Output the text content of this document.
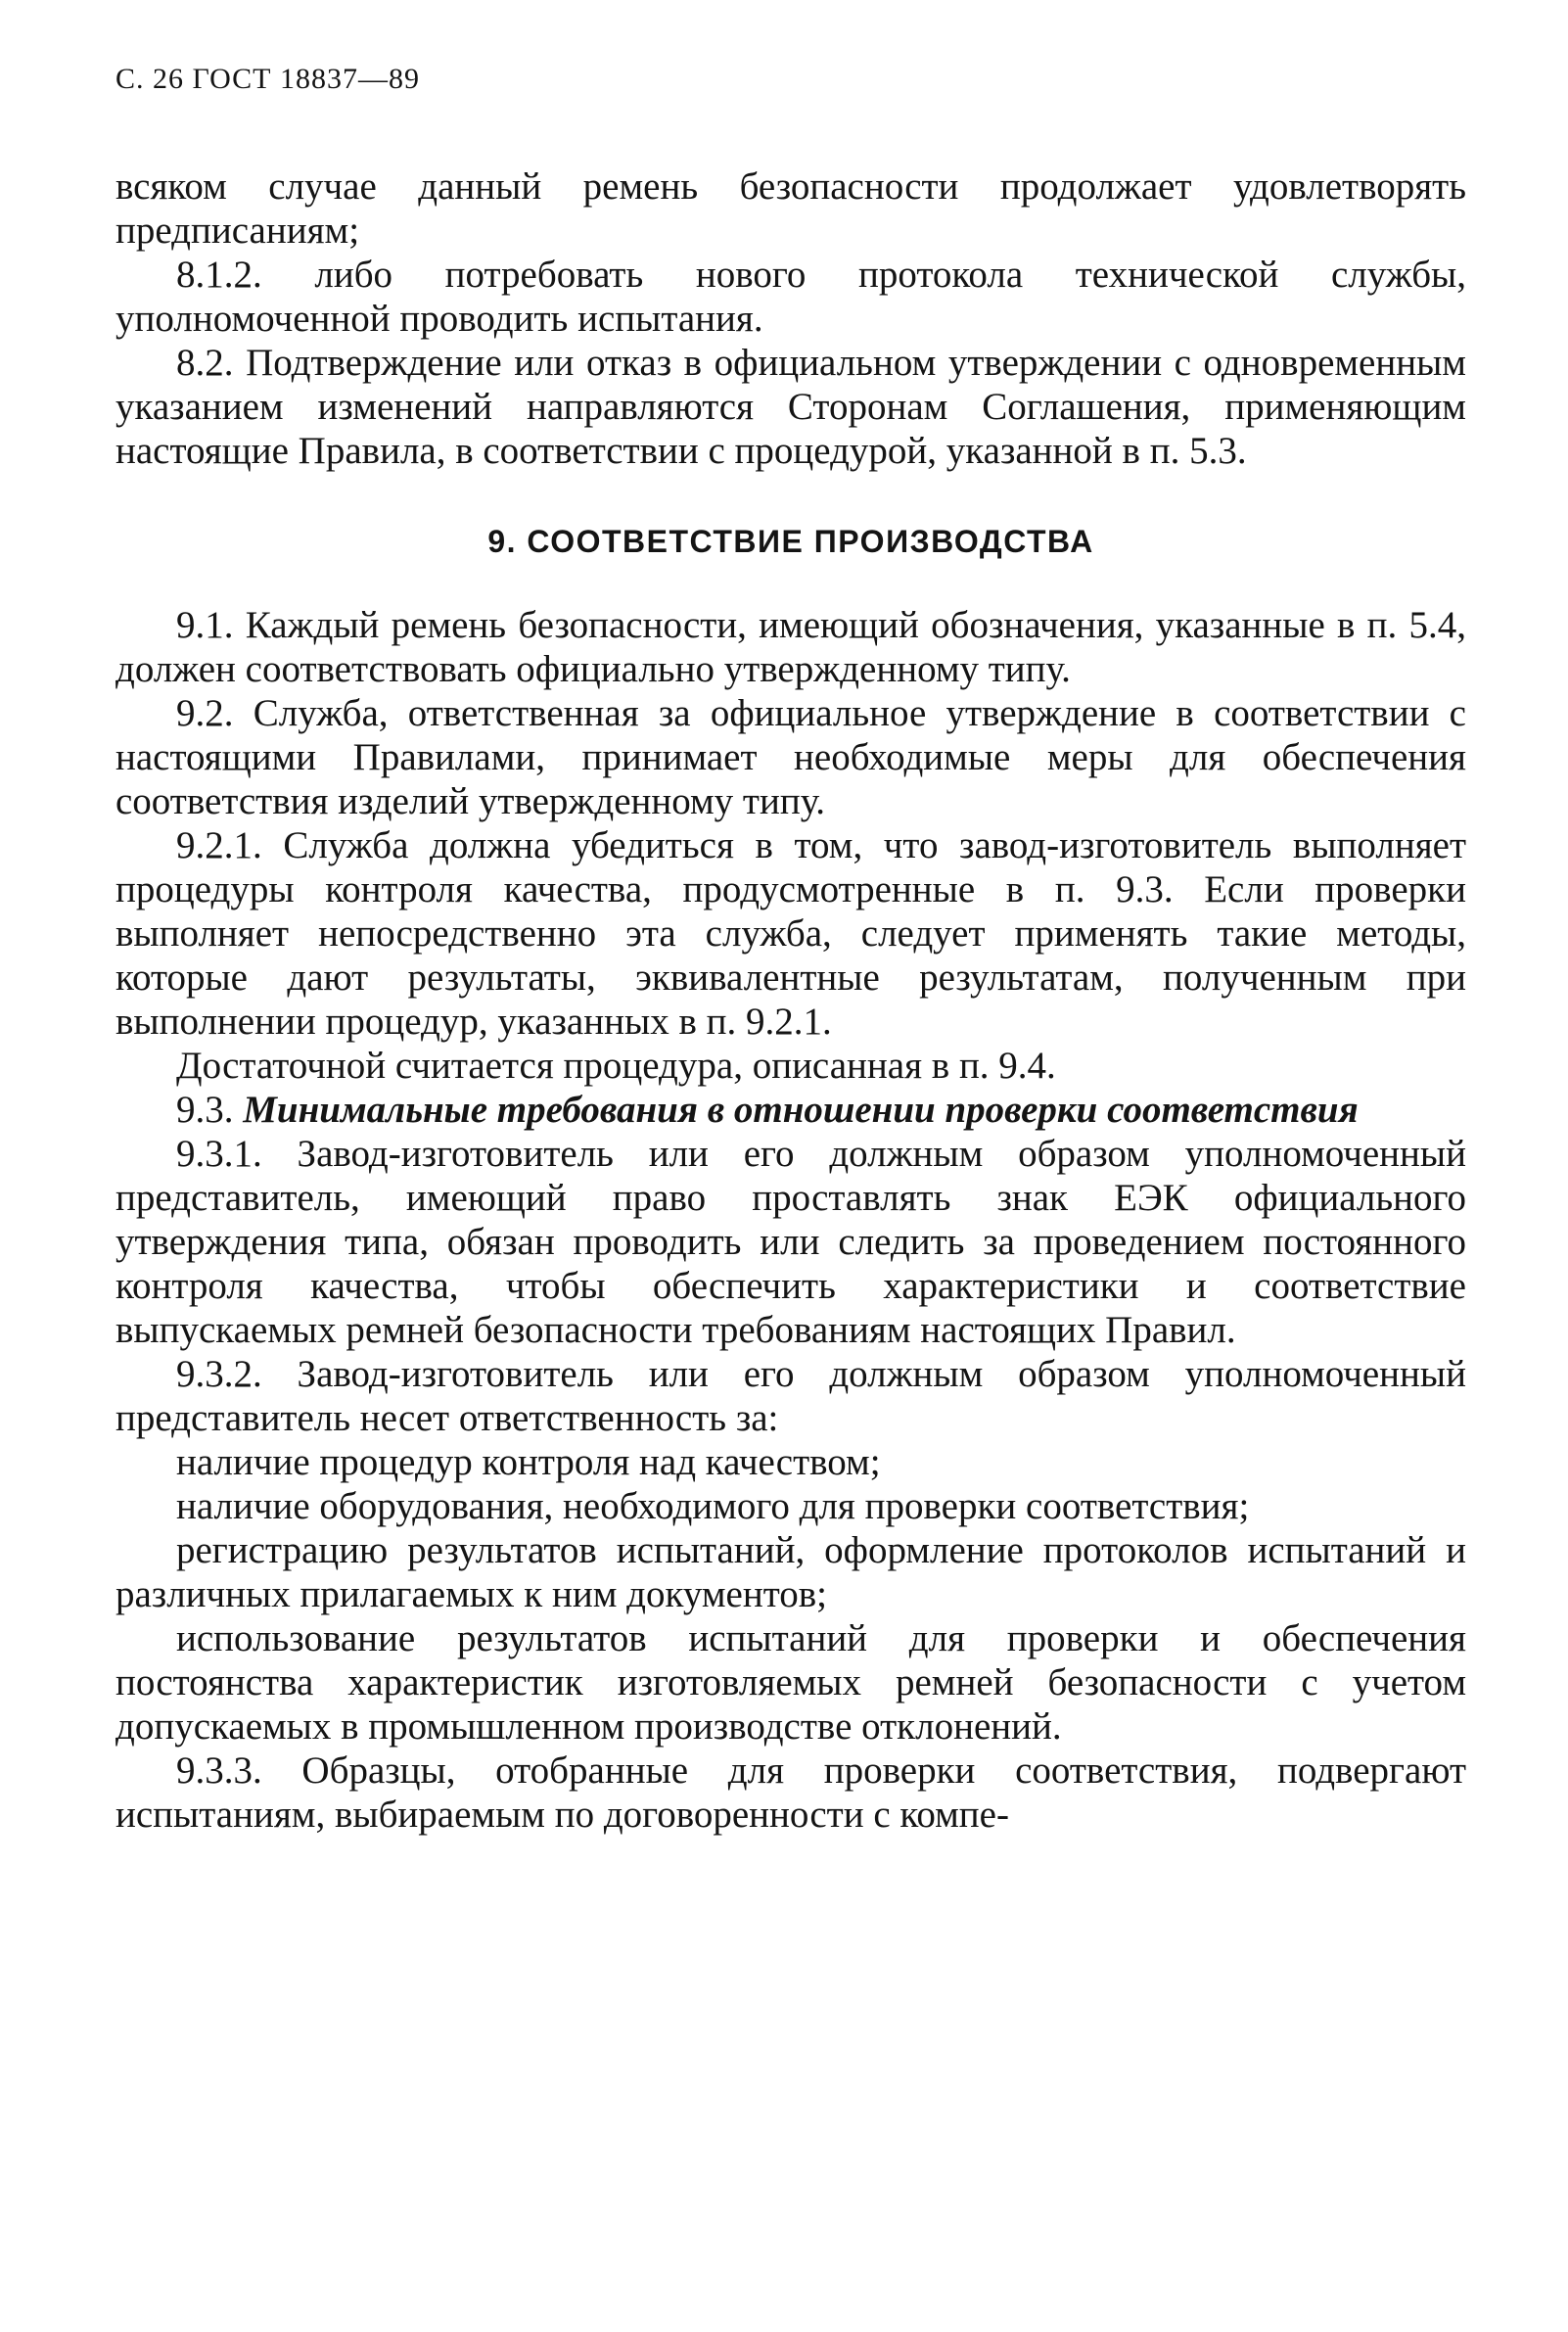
С. 26 ГОСТ 18837—89

всяком случае данный ремень безопасности продолжает удовлетворять предписаниям;

8.1.2. либо потребовать нового протокола технической службы, уполномоченной проводить испытания.

8.2. Подтверждение или отказ в официальном утверждении с одновременным указанием изменений направляются Сторонам Соглашения, применяющим настоящие Правила, в соответствии с процедурой, указанной в п. 5.3.

9. СООТВЕТСТВИЕ ПРОИЗВОДСТВА

9.1. Каждый ремень безопасности, имеющий обозначения, указанные в п. 5.4, должен соответствовать официально утвержденному типу.

9.2. Служба, ответственная за официальное утверждение в соответствии с настоящими Правилами, принимает необходимые меры для обеспечения соответствия изделий утвержденному типу.

9.2.1. Служба должна убедиться в том, что завод-изготовитель выполняет процедуры контроля качества, продусмотренные в п. 9.3. Если проверки выполняет непосредственно эта служба, следует применять такие методы, которые дают результаты, эквивалентные результатам, полученным при выполнении процедур, указанных в п. 9.2.1.

Достаточной считается процедура, описанная в п. 9.4.

9.3. Минимальные требования в отношении проверки соответствия

9.3.1. Завод-изготовитель или его должным образом уполномоченный представитель, имеющий право проставлять знак ЕЭК официального утверждения типа, обязан проводить или следить за проведением постоянного контроля качества, чтобы обеспечить характеристики и соответствие выпускаемых ремней безопасности требованиям настоящих Правил.

9.3.2. Завод-изготовитель или его должным образом уполномоченный представитель несет ответственность за:

наличие процедур контроля над качеством;

наличие оборудования, необходимого для проверки соответствия;

регистрацию результатов испытаний, оформление протоколов испытаний и различных прилагаемых к ним документов;

использование результатов испытаний для проверки и обеспечения постоянства характеристик изготовляемых ремней безопасности с учетом допускаемых в промышленном производстве отклонений.

9.3.3. Образцы, отобранные для проверки соответствия, подвергают испытаниям, выбираемым по договоренности с компе-
